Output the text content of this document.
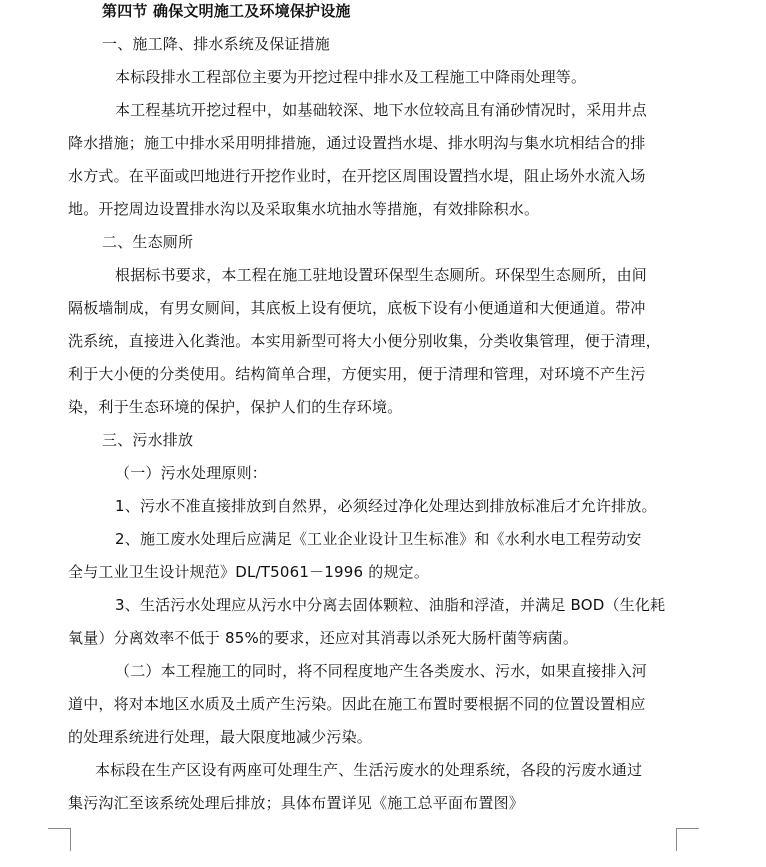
第四节 确保文明施工及环境保护设施
一、施工降、排水系统及保证措施
本标段排水工程部位主要为开挖过程中排水及工程施工中降雨处理等。
本工程基坑开挖过程中，如基础较深、地下水位较高且有涌砂情况时，采用井点
降水措施；施工中排水采用明排措施，通过设置挡水堤、排水明沟与集水坑相结合的排
水方式。在平面或凹地进行开挖作业时，在开挖区周围设置挡水堤，阻止场外水流入场
地。开挖周边设置排水沟以及采取集水坑抽水等措施，有效排除积水。
二、生态厕所
根据标书要求，本工程在施工驻地设置环保型生态厕所。环保型生态厕所，由间
隔板墙制成，有男女厕间，其底板上设有便坑，底板下设有小便通道和大便通道。带冲
洗系统，直接进入化粪池。本实用新型可将大小便分别收集，分类收集管理，便于清理，
利于大小便的分类使用。结构简单合理，方便实用，便于清理和管理，对环境不产生污
染，利于生态环境的保护，保护人们的生存环境。
三、污水排放
（一）污水处理原则：
1、污水不准直接排放到自然界，必须经过净化处理达到排放标准后才允许排放。
2、施工废水处理后应满足《工业企业设计卫生标准》和《水利水电工程劳动安
全与工业卫生设计规范》DL/T5061－1996 的规定。
3、生活污水处理应从污水中分离去固体颗粒、油脂和浮渣，并满足 BOD（生化耗
氧量）分离效率不低于 85%的要求，还应对其消毒以杀死大肠杆菌等病菌。
（二）本工程施工的同时，将不同程度地产生各类废水、污水，如果直接排入河
道中，将对本地区水质及土质产生污染。因此在施工布置时要根据不同的位置设置相应
的处理系统进行处理，最大限度地减少污染。
本标段在生产区设有两座可处理生产、生活污废水的处理系统，各段的污废水通过
集污沟汇至该系统处理后排放；具体布置详见《施工总平面布置图》
